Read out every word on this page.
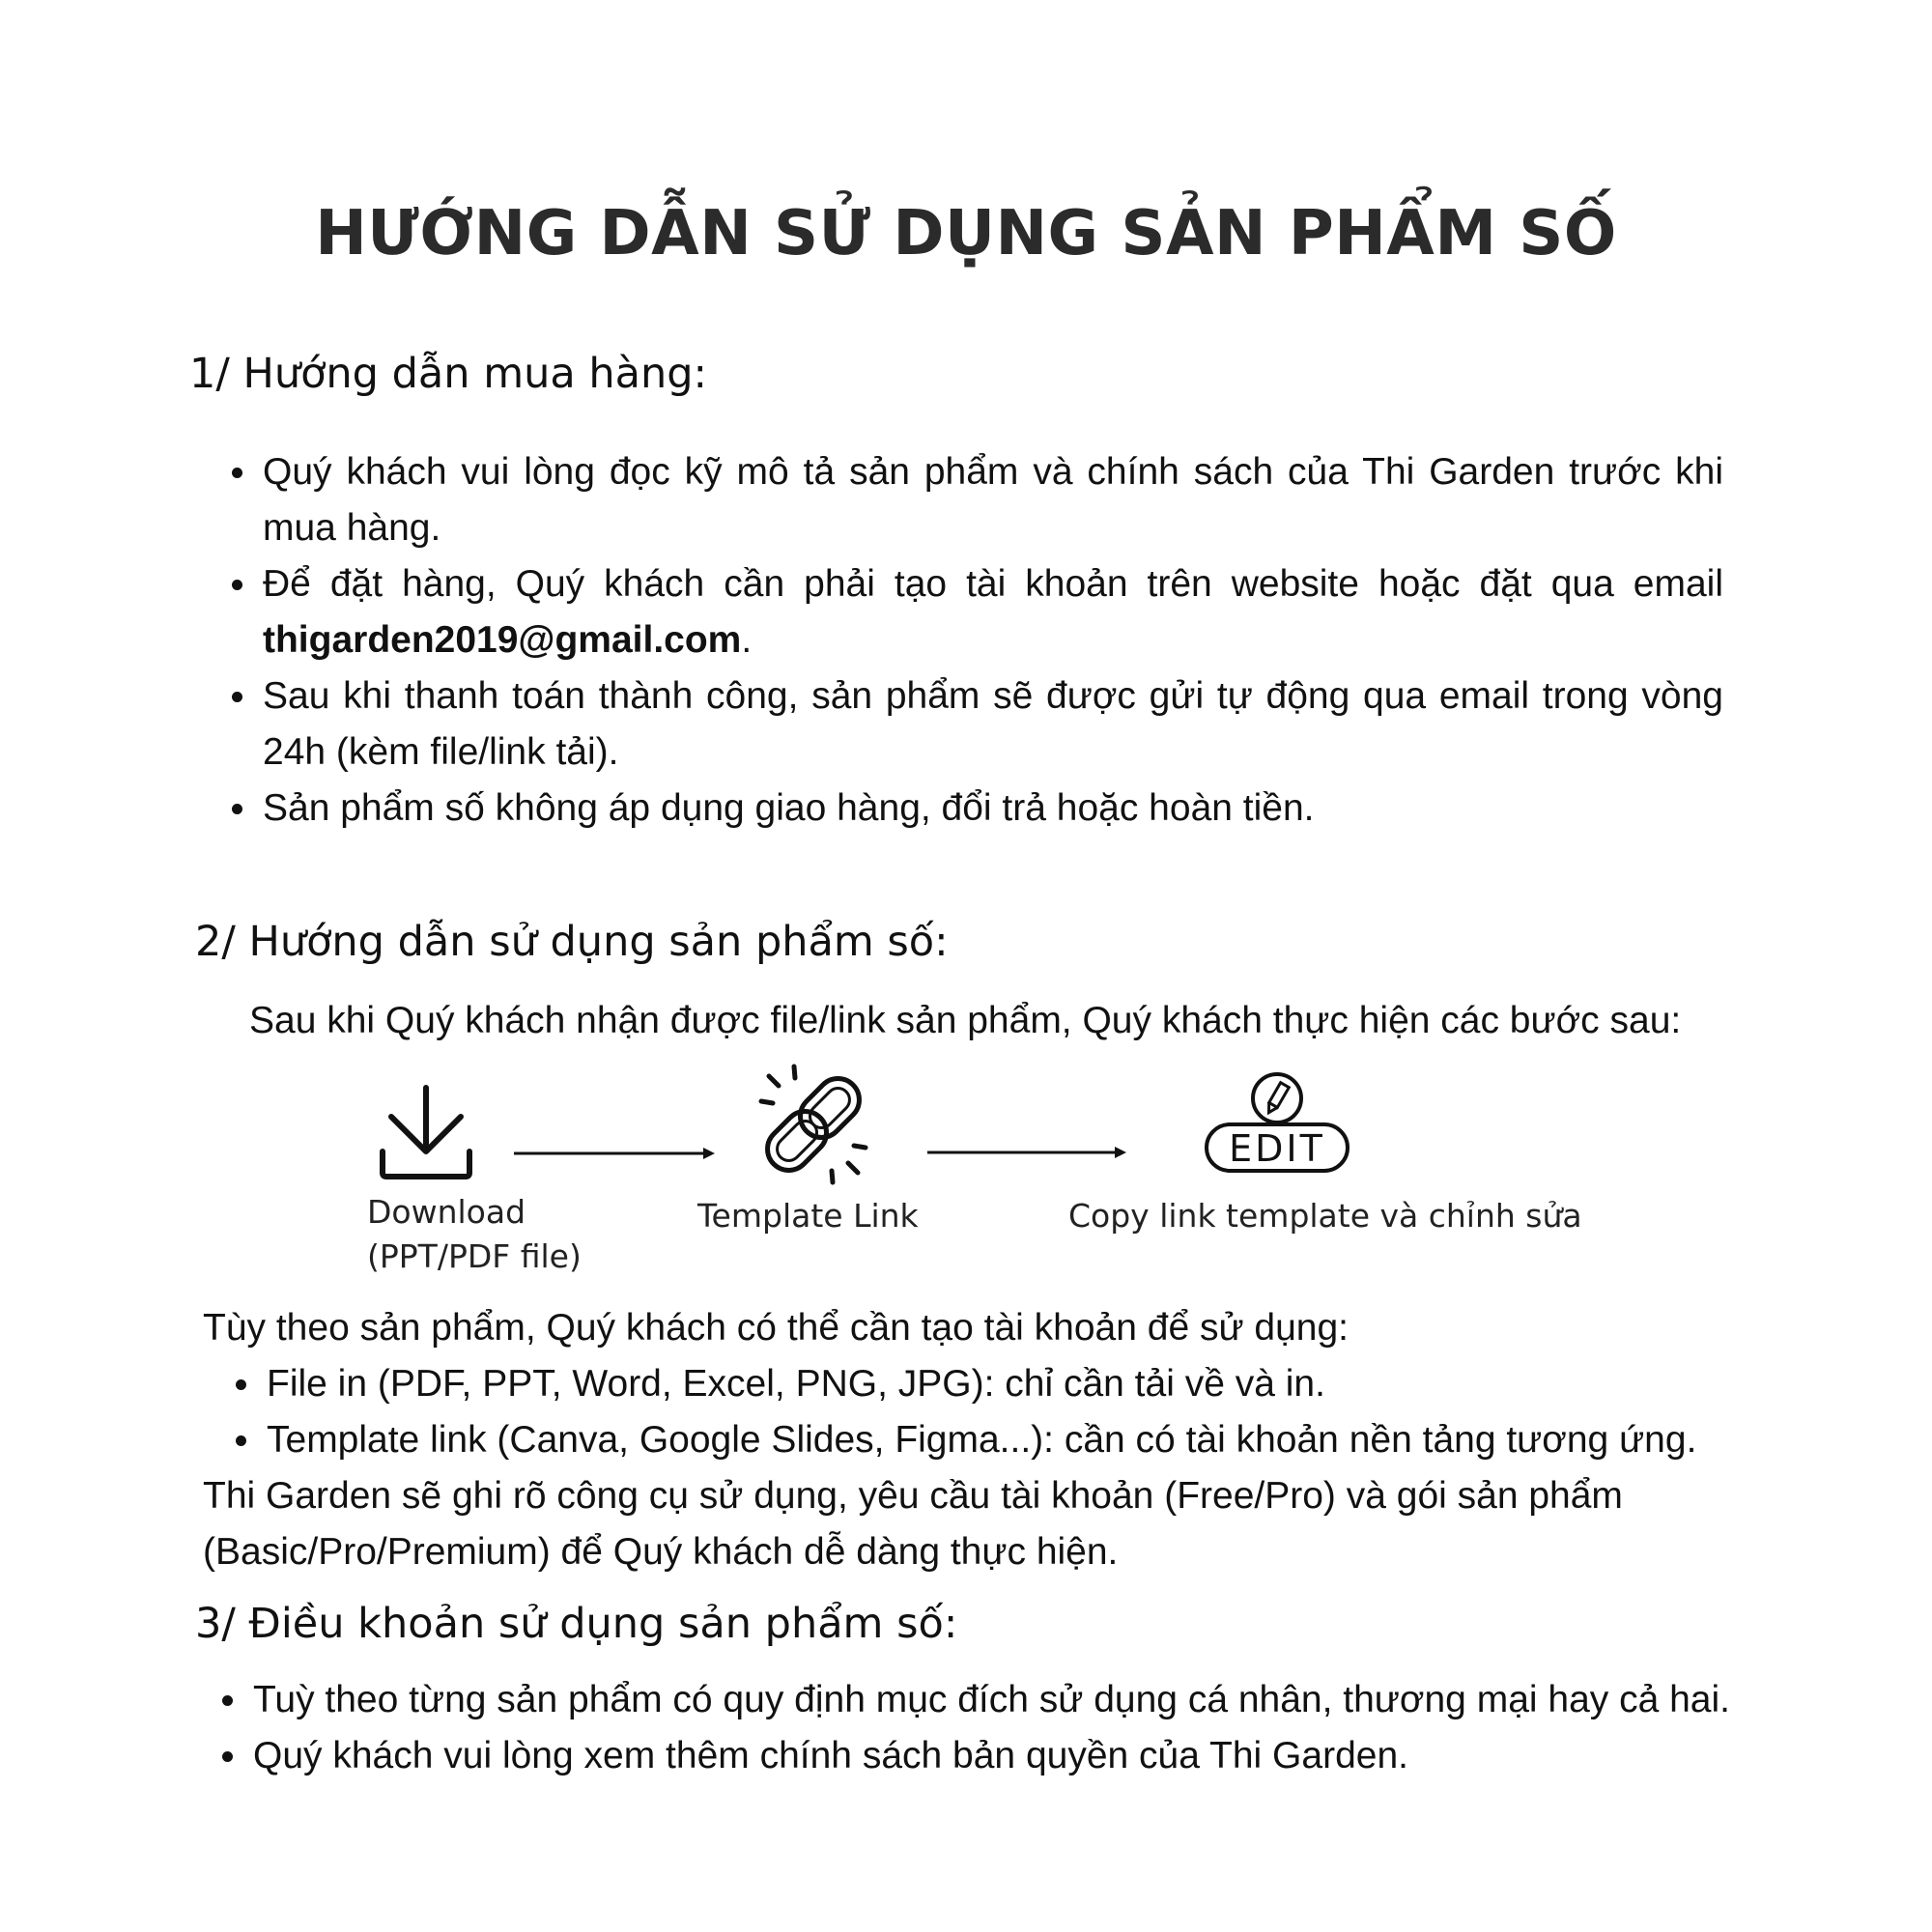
HƯỚNG DẪN SỬ DỤNG SẢN PHẨM SỐ
1/ Hướng dẫn mua hàng:
Quý khách vui lòng đọc kỹ mô tả sản phẩm và chính sách của Thi Garden trước khi mua hàng.
Để đặt hàng, Quý khách cần phải tạo tài khoản trên website hoặc đặt qua email thigarden2019@gmail.com.
Sau khi thanh toán thành công, sản phẩm sẽ được gửi tự động qua email trong vòng 24h (kèm file/link tải).
Sản phẩm số không áp dụng giao hàng, đổi trả hoặc hoàn tiền.
2/ Hướng dẫn sử dụng sản phẩm số:
Sau khi Quý khách nhận được file/link sản phẩm, Quý khách thực hiện các bước sau:
EDIT
Download
(PPT/PDF file)
Template Link	Copy link template và chỉnh sửa
Tùy theo sản phẩm, Quý khách có thể cần tạo tài khoản để sử dụng:
File in (PDF, PPT, Word, Excel, PNG, JPG): chỉ cần tải về và in.
Template link (Canva, Google Slides, Figma...): cần có tài khoản nền tảng tương ứng.
Thi Garden sẽ ghi rõ công cụ sử dụng, yêu cầu tài khoản (Free/Pro) và gói sản phẩm
(Basic/Pro/Premium) để Quý khách dễ dàng thực hiện.
3/ Điều khoản sử dụng sản phẩm số:
Tuỳ theo từng sản phẩm có quy định mục đích sử dụng cá nhân, thương mại hay cả hai.
Quý khách vui lòng xem thêm chính sách bản quyền của Thi Garden.
